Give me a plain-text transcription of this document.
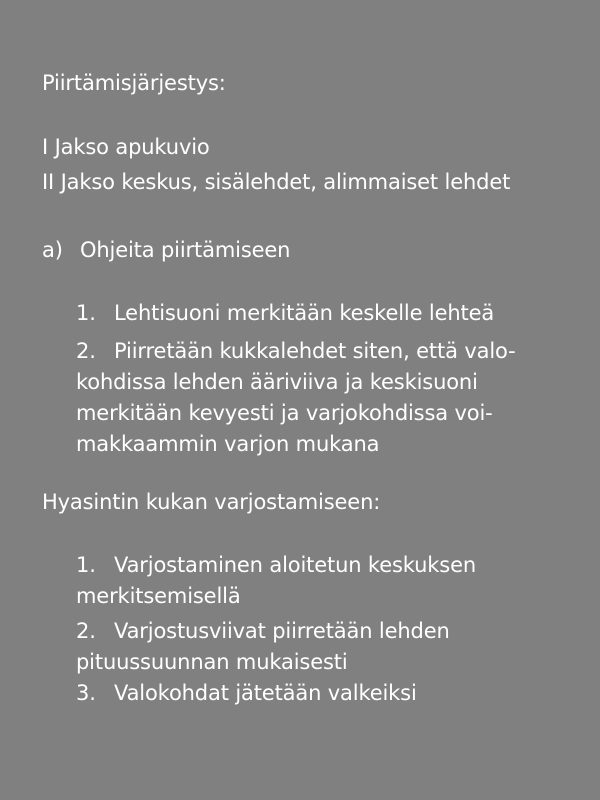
Piirtämisjärjestys:
I Jakso apukuvio
II Jakso keskus, sisälehdet, alimmaiset lehdet
a) Ohjeita piirtämiseen
1. Lehtisuoni merkitään keskelle lehteä
2. Piirretään kukkalehdet siten, että valo-
kohdissa lehden ääriviiva ja keskisuoni
merkitään kevyesti ja varjokohdissa voi-
makkaammin varjon mukana
Hyasintin kukan varjostamiseen:
1. Varjostaminen aloitetun keskuksen
merkitsemisellä
2. Varjostusviivat piirretään lehden
pituussuunnan mukaisesti
3. Valokohdat jätetään valkeiksi
